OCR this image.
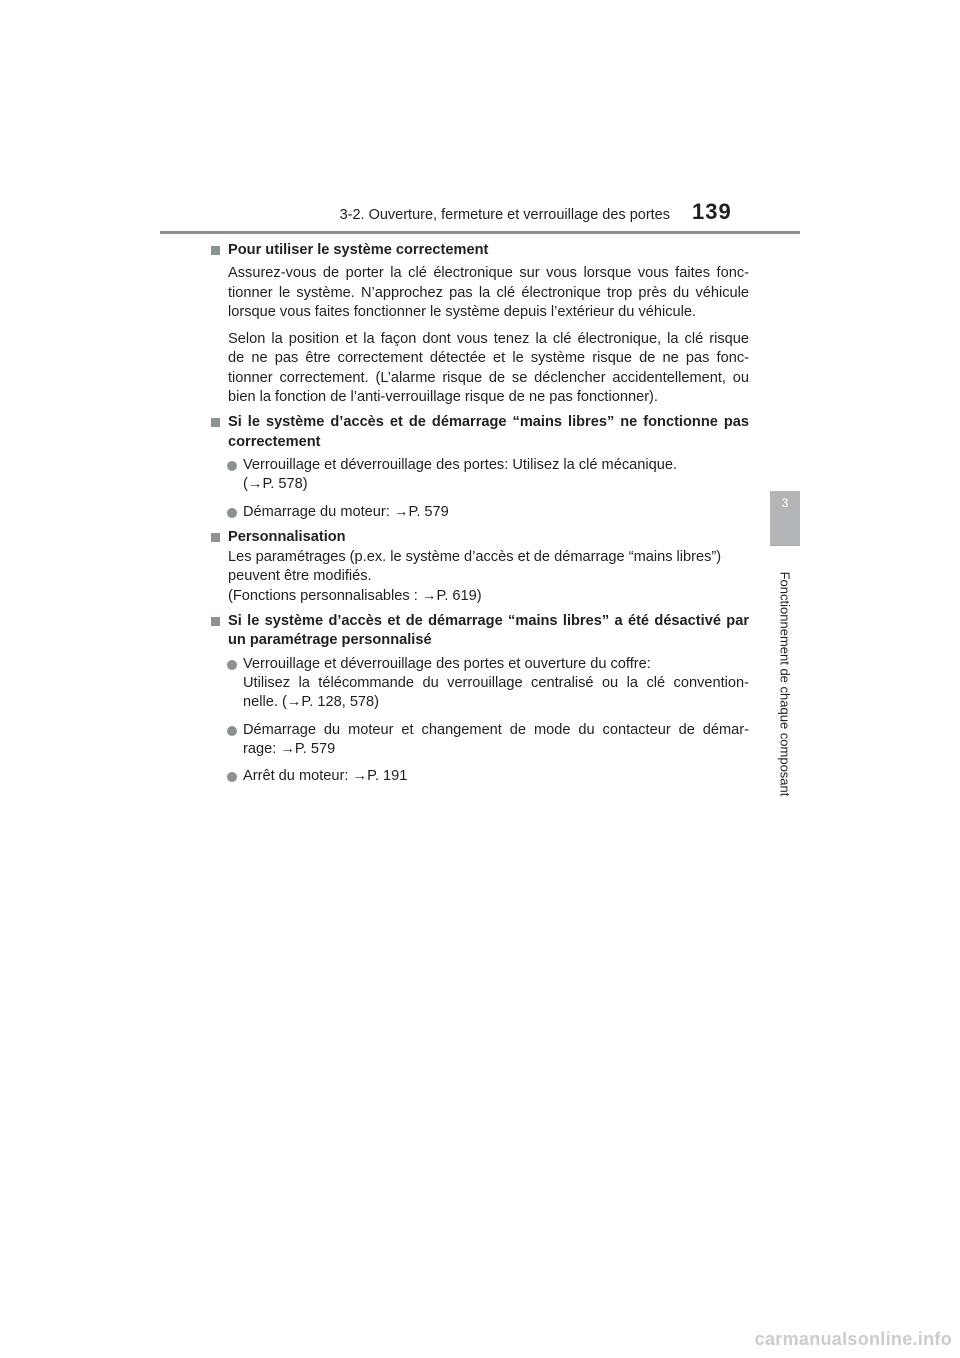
3-2. Ouverture, fermeture et verrouillage des portes 139
3
Fonctionnement de chaque composant
Pour utiliser le système correctement
Assurez-vous de porter la clé électronique sur vous lorsque vous faites fonc-
tionner le système. N’approchez pas la clé électronique trop près du véhicule
lorsque vous faites fonctionner le système depuis l’extérieur du véhicule.
Selon la position et la façon dont vous tenez la clé électronique, la clé risque
de ne pas être correctement détectée et le système risque de ne pas fonc-
tionner correctement. (L’alarme risque de se déclencher accidentellement, ou
bien la fonction de l’anti-verrouillage risque de ne pas fonctionner).
Si le système d’accès et de démarrage “mains libres” ne fonctionne pas
correctement
Verrouillage et déverrouillage des portes: Utilisez la clé mécanique.
(→P. 578)
Démarrage du moteur: →P. 579
Personnalisation
Les paramétrages (p.ex. le système d’accès et de démarrage “mains libres”)
peuvent être modifiés.
(Fonctions personnalisables : →P. 619)
Si le système d’accès et de démarrage “mains libres” a été désactivé par
un paramétrage personnalisé
Verrouillage et déverrouillage des portes et ouverture du coffre:
Utilisez la télécommande du verrouillage centralisé ou la clé convention-
nelle. (→P. 128, 578)
Démarrage du moteur et changement de mode du contacteur de démar-
rage: →P. 579
Arrêt du moteur: →P. 191
carmanualsonline.info
